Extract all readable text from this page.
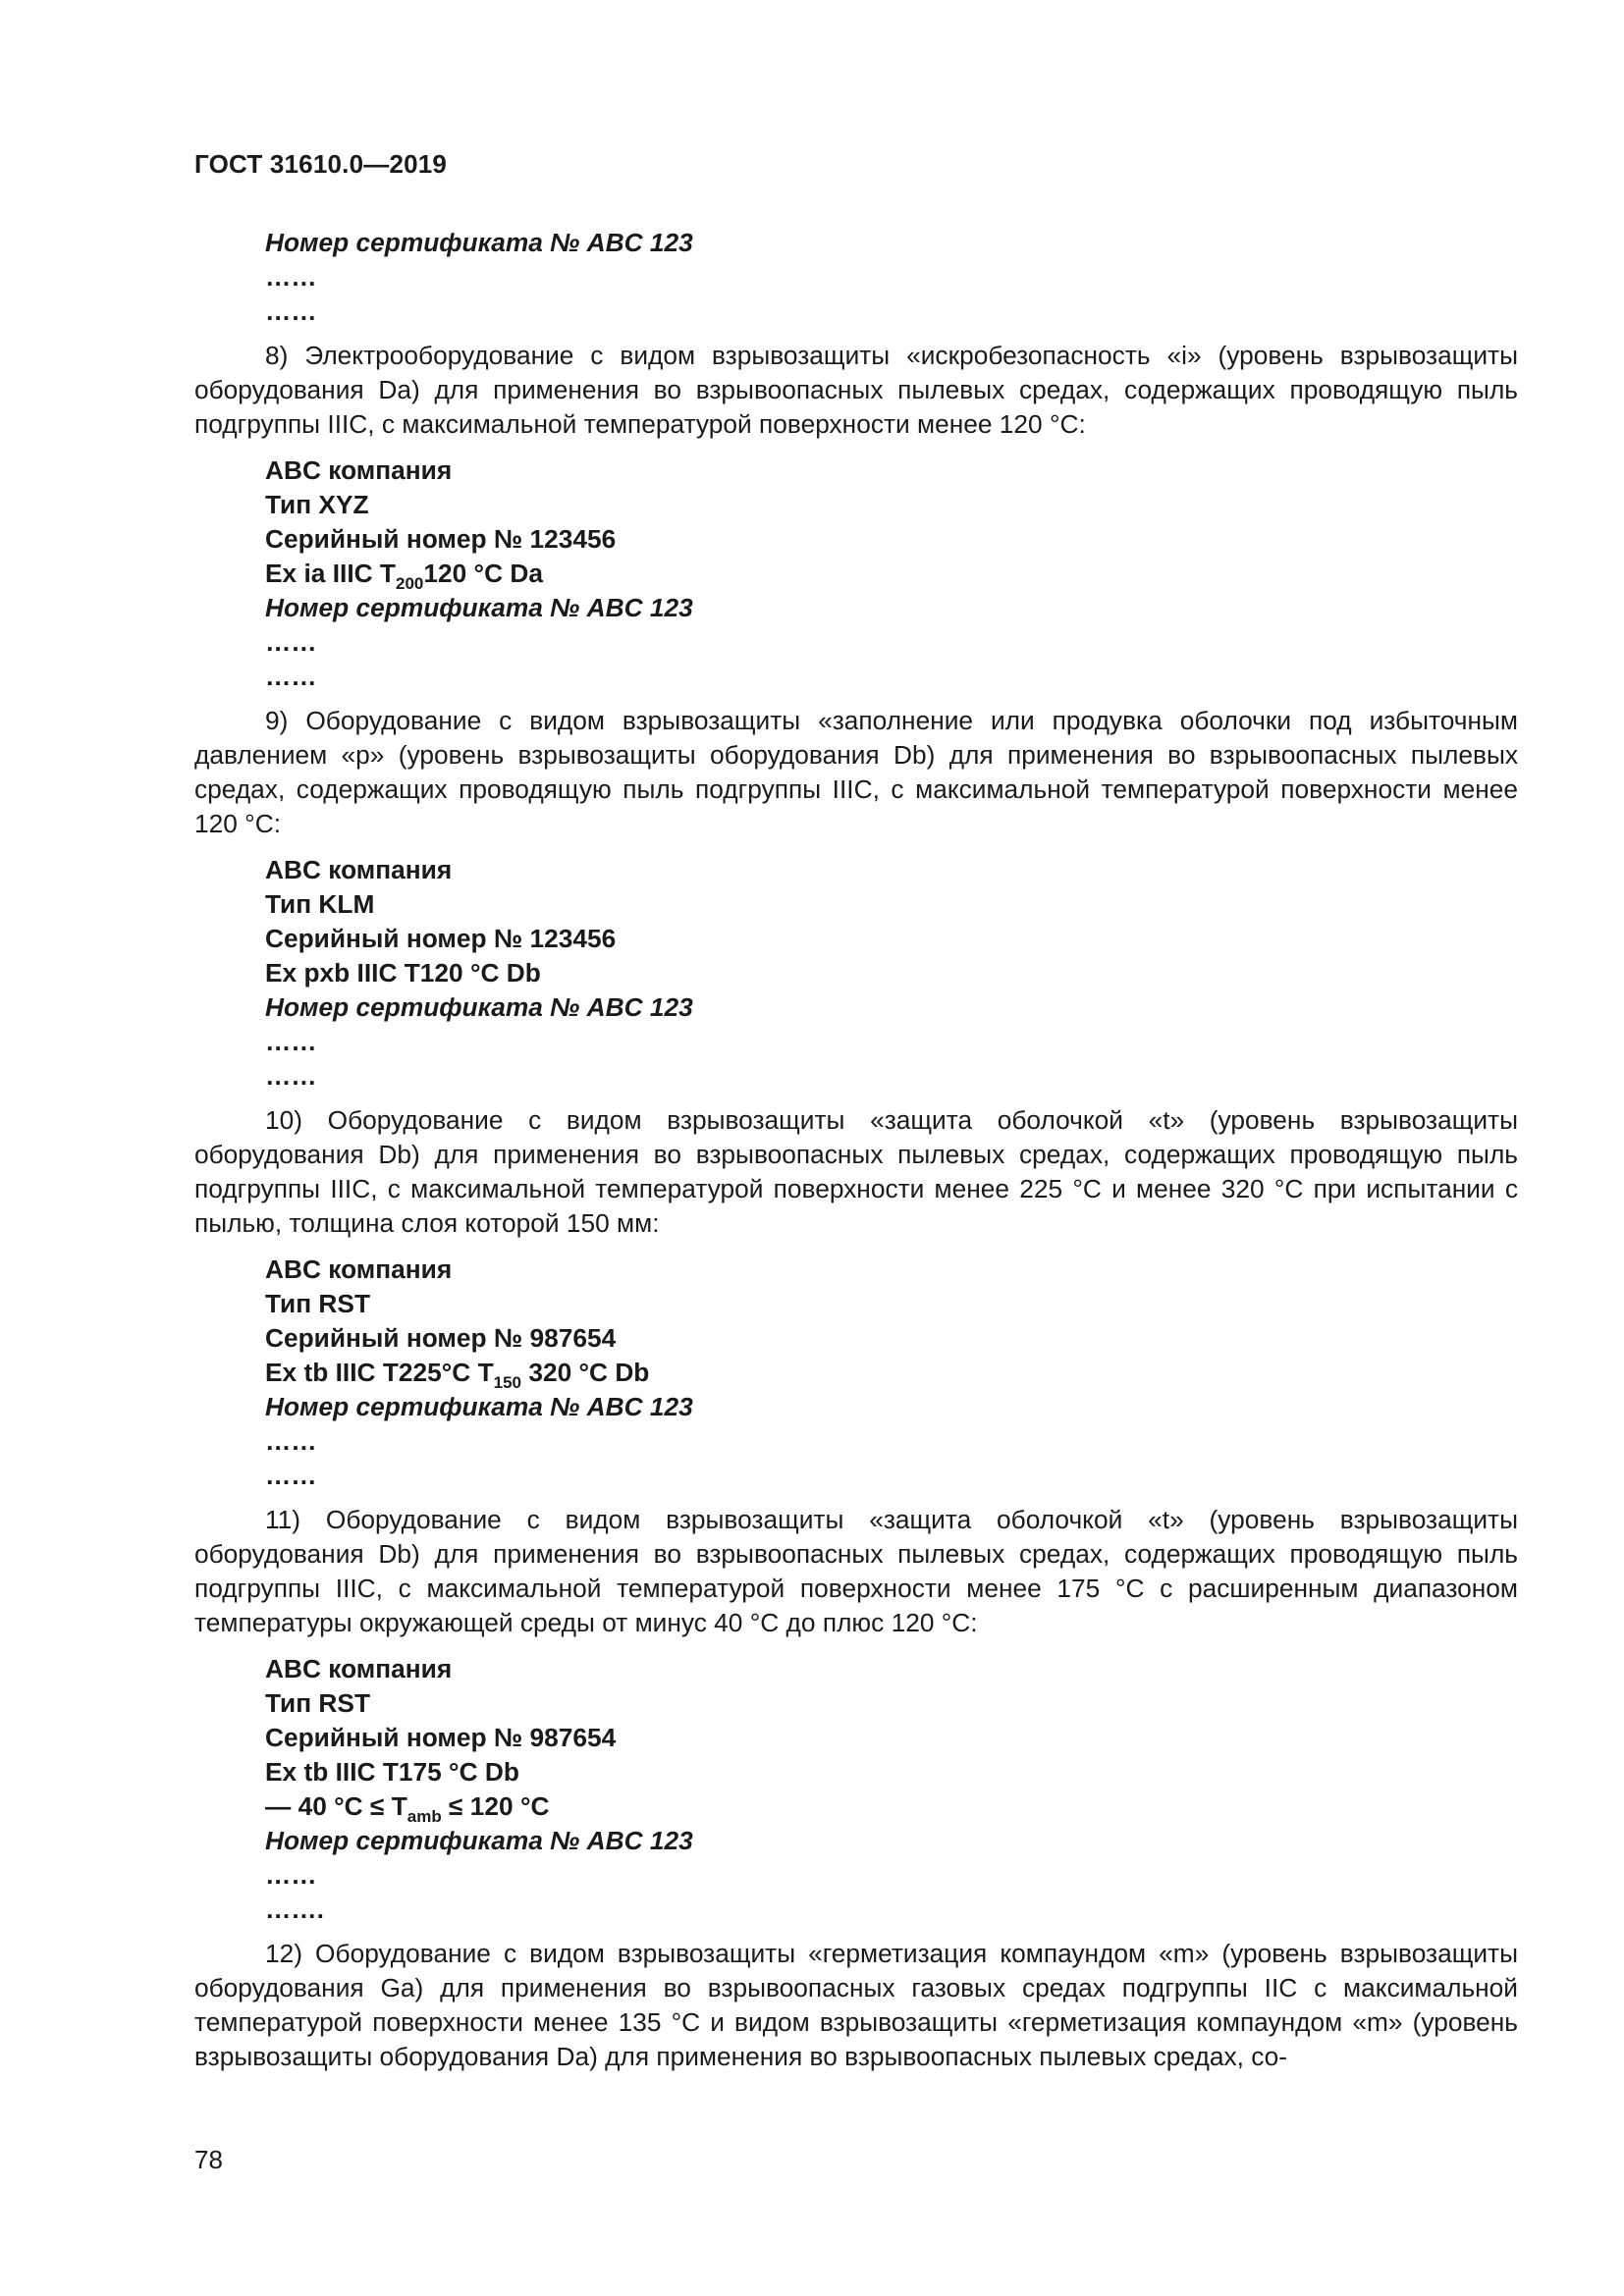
ГОСТ 31610.0—2019
Номер сертификата № ABC 123
……
……

8) Электрооборудование с видом взрывозащиты «искробезопасность «i» (уровень взрывозащиты оборудования Da) для применения во взрывоопасных пылевых средах, содержащих проводящую пыль подгруппы IIIC, с максимальной температурой поверхности менее 120 °C:

ABC компания
Тип XYZ
Серийный номер № 123456
Ex ia IIIC $T_{200}120$ °C Da
Номер сертификата № ABC 123
……
……

9) Оборудование с видом взрывозащиты «заполнение или продувка оболочки под избыточным давлением «p» (уровень взрывозащиты оборудования Db) для применения во взрывоопасных пылевых средах, содержащих проводящую пыль подгруппы IIIC, с максимальной температурой поверхности менее 120 °C:

ABC компания
Тип KLM
Серийный номер № 123456
Ex pxb IIIC T120 °C Db
Номер сертификата № ABC 123
……
……

10) Оборудование с видом взрывозащиты «защита оболочкой «t» (уровень взрывозащиты оборудования Db) для применения во взрывоопасных пылевых средах, содержащих проводящую пыль подгруппы IIIC, с максимальной температурой поверхности менее 225 °C и менее 320 °C при испытании с пылью, толщина слоя которой 150 мм:

ABC компания
Тип RST
Серийный номер № 987654
Ex tb IIIC T225°C $T_{150}$ 320 °C Db
Номер сертификата № ABC 123
……
……

11) Оборудование с видом взрывозащиты «защита оболочкой «t» (уровень взрывозащиты оборудования Db) для применения во взрывоопасных пылевых средах, содержащих проводящую пыль подгруппы IIIC, с максимальной температурой поверхности менее 175 °C с расширенным диапазоном температуры окружающей среды от минус 40 °C до плюс 120 °C:

ABC компания
Тип RST
Серийный номер № 987654
Ex tb IIIC T175 °C Db
— 40 $^\circ C \le T_{amb} \le 120$ °C
Номер сертификата № ABC 123
……
…….

12) Оборудование с видом взрывозащиты «герметизация компаундом «m» (уровень взрывозащиты оборудования Ga) для применения во взрывоопасных газовых средах подгруппы IIC с максимальной температурой поверхности менее 135 °C и видом взрывозащиты «герметизация компаундом «m» (уровень взрывозащиты оборудования Da) для применения во взрывоопасных пылевых средах, со-

78
